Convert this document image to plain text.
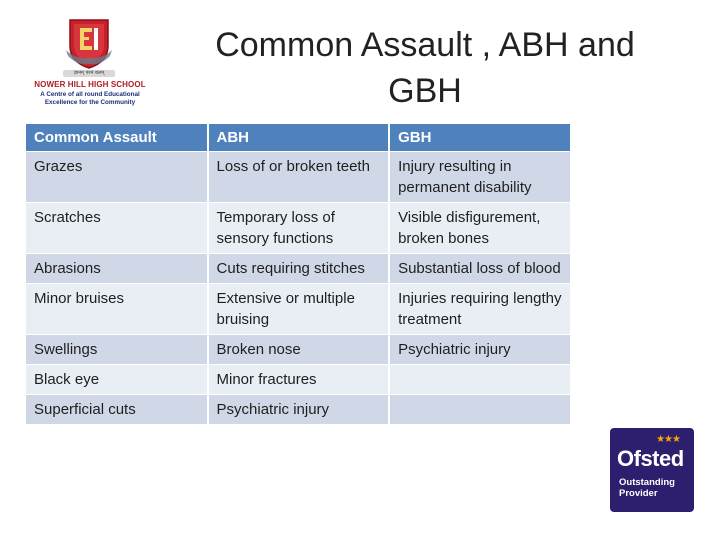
ज्ञानम् परमं बलम्
NOWER HILL HIGH SCHOOL
A Centre of all round Educational
Excellence for the Community
Common Assault , ABH and
GBH
Common Assault	ABH	GBH
Grazes	Loss of or broken teeth	Injury resulting in permanent disability
Scratches	Temporary loss of sensory functions	Visible disfigurement, broken bones
Abrasions	Cuts requiring stitches	Substantial loss of blood
Minor bruises	Extensive or multiple bruising	Injuries requiring lengthy treatment
Swellings	Broken nose	Psychiatric injury
Black eye	Minor fractures	
Superficial cuts	Psychiatric injury	
★★★
Ofsted
Outstanding
Provider
